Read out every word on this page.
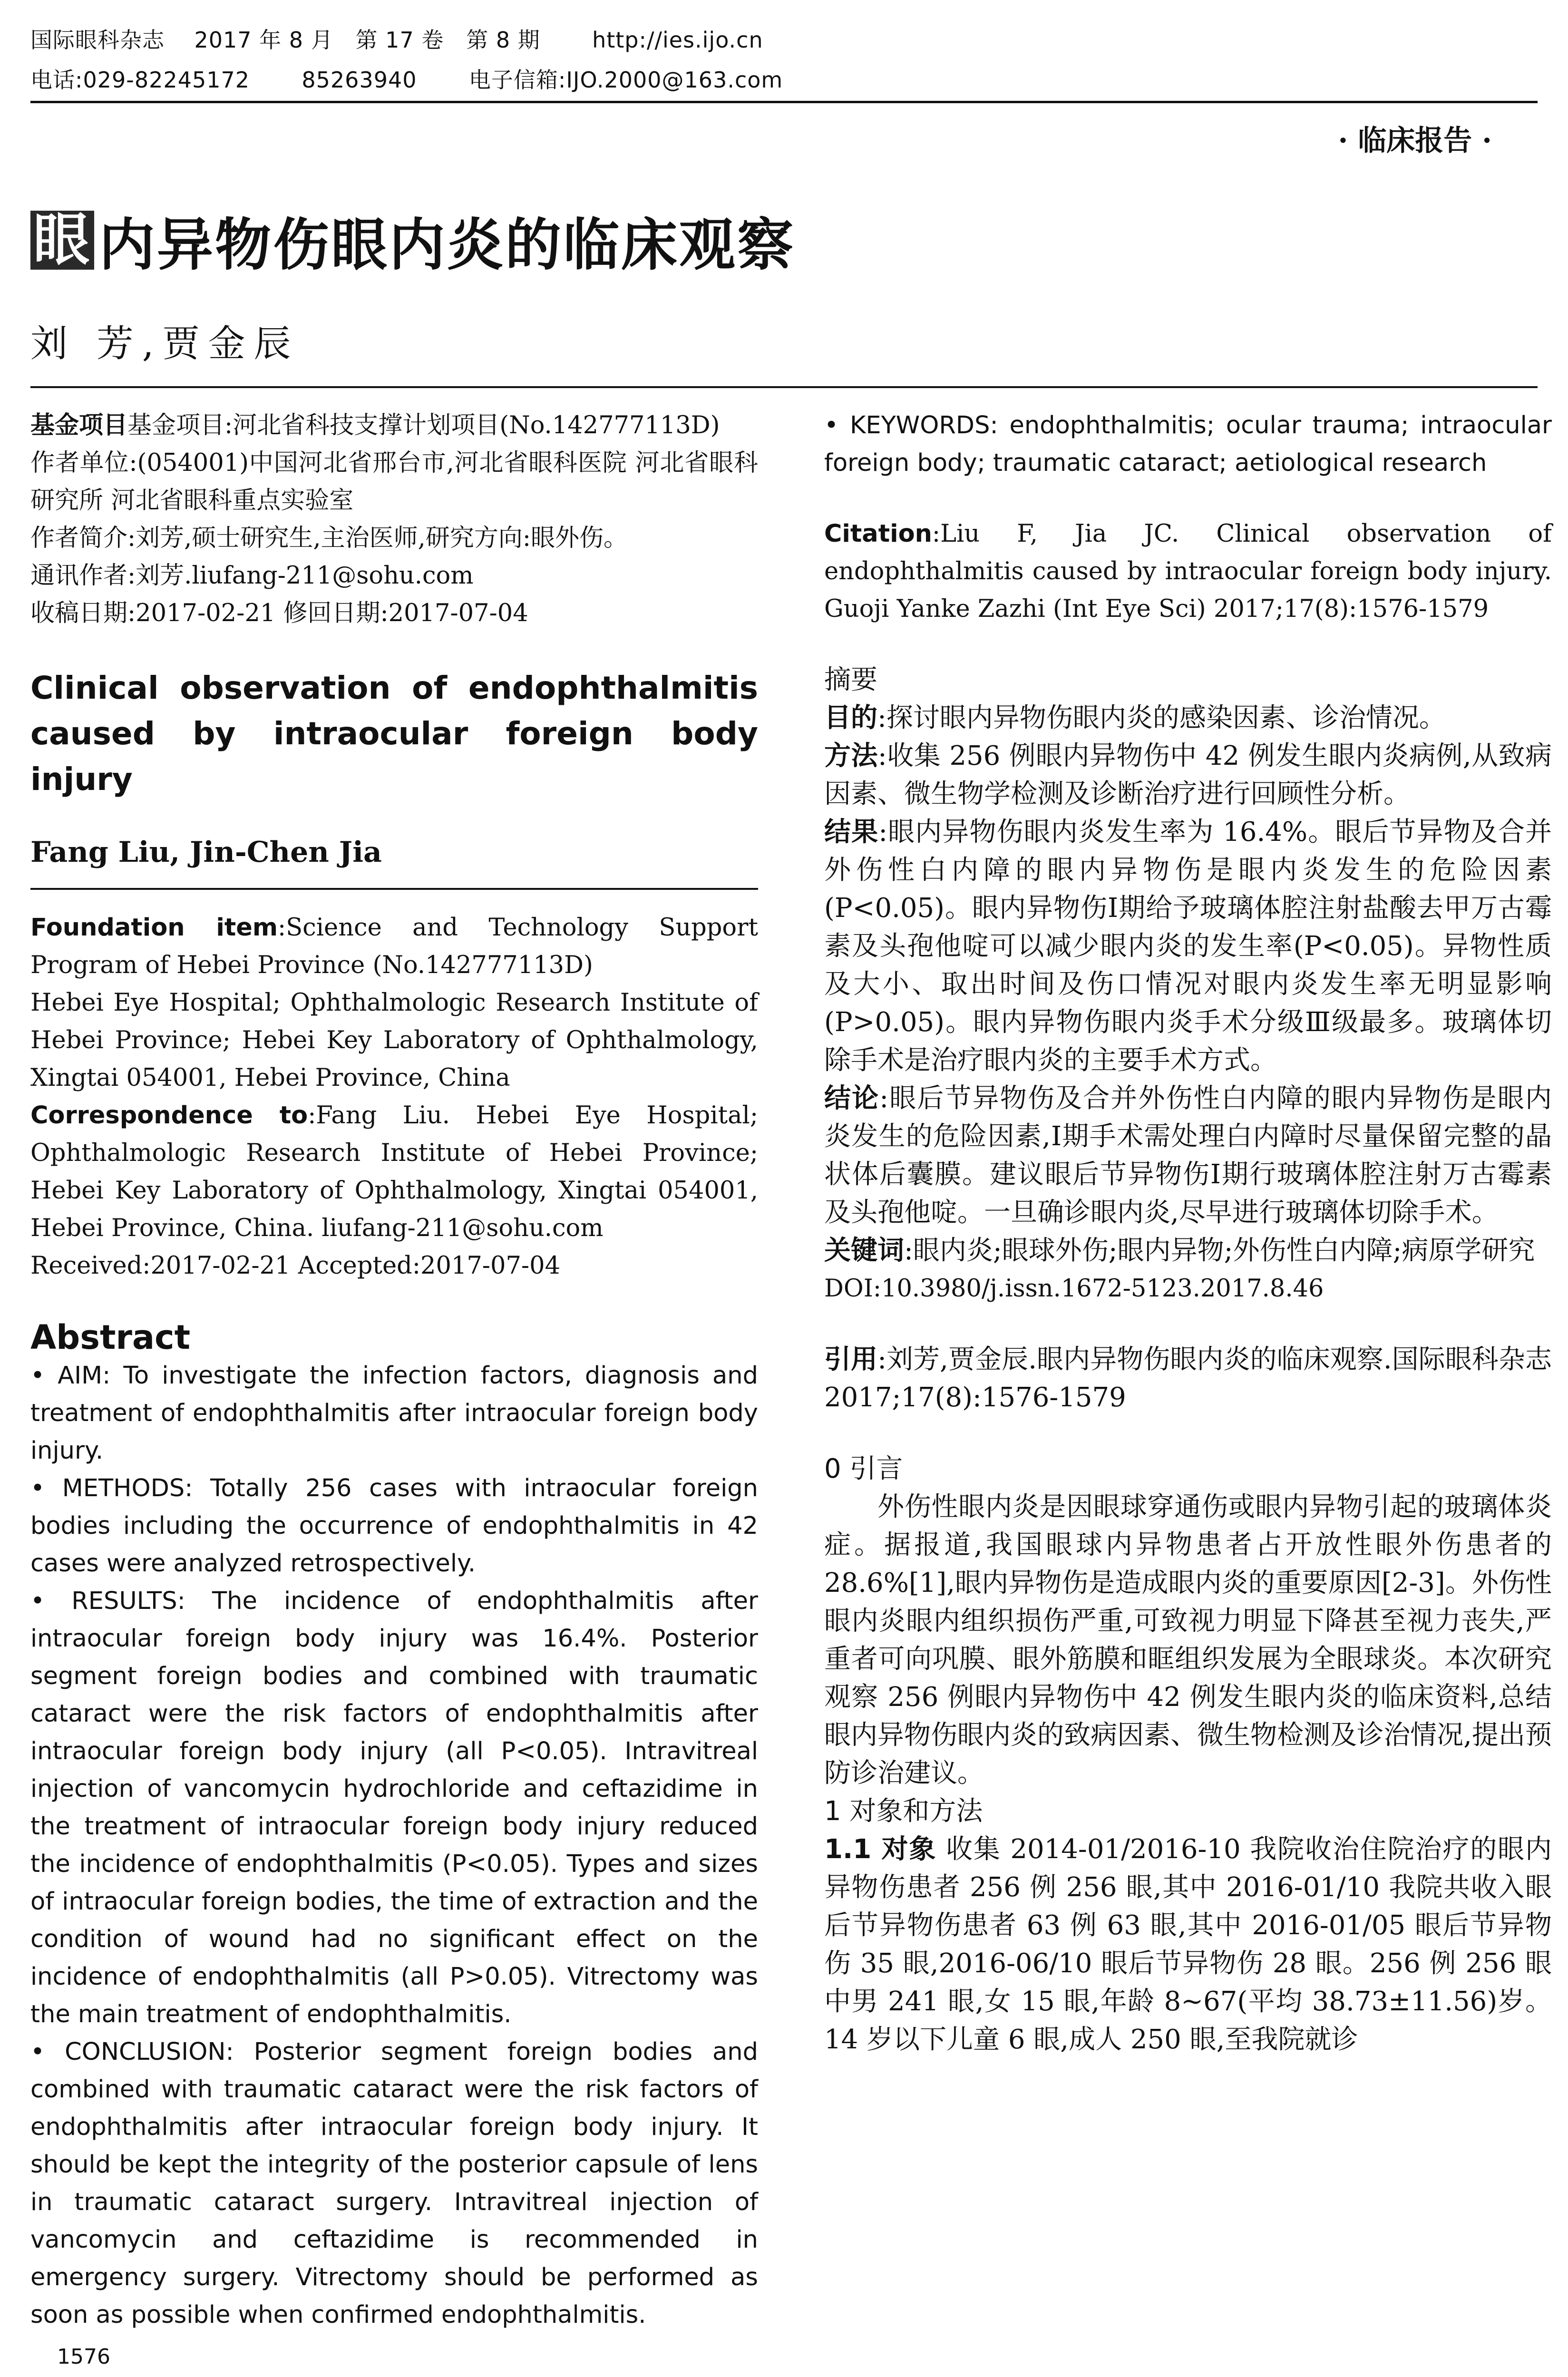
国际眼科杂志    2017 年 8 月   第 17 卷   第 8 期       http://ies.ijo.cn
电话:029-82245172       85263940       电子信箱:IJO.2000@163.com
· 临床报告 ·
眼 内异物伤眼内炎的临床观察
刘 芳,贾金辰
基金项目基金项目:河北省科技支撑计划项目(No.142777113D)
作者单位:(054001)中国河北省邢台市,河北省眼科医院 河北省眼科研究所 河北省眼科重点实验室
作者简介:刘芳,硕士研究生,主治医师,研究方向:眼外伤。
通讯作者:刘芳.liufang-211@sohu.com
收稿日期:2017-02-21 修回日期:2017-07-04
Clinical observation of endophthalmitis caused by intraocular foreign body injury
Fang Liu, Jin-Chen Jia
Foundation item:Science and Technology Support Program of Hebei Province (No.142777113D)
Hebei Eye Hospital; Ophthalmologic Research Institute of Hebei Province; Hebei Key Laboratory of Ophthalmology, Xingtai 054001, Hebei Province, China
Correspondence to:Fang Liu. Hebei Eye Hospital; Ophthalmologic Research Institute of Hebei Province; Hebei Key Laboratory of Ophthalmology, Xingtai 054001, Hebei Province, China. liufang-211@sohu.com
Received:2017-02-21 Accepted:2017-07-04
Abstract
• AIM: To investigate the infection factors, diagnosis and treatment of endophthalmitis after intraocular foreign body injury.
• METHODS: Totally 256 cases with intraocular foreign bodies including the occurrence of endophthalmitis in 42 cases were analyzed retrospectively.
• RESULTS: The incidence of endophthalmitis after intraocular foreign body injury was 16.4%. Posterior segment foreign bodies and combined with traumatic cataract were the risk factors of endophthalmitis after intraocular foreign body injury (all P<0.05). Intravitreal injection of vancomycin hydrochloride and ceftazidime in the treatment of intraocular foreign body injury reduced the incidence of endophthalmitis (P<0.05). Types and sizes of intraocular foreign bodies, the time of extraction and the condition of wound had no significant effect on the incidence of endophthalmitis (all P>0.05). Vitrectomy was the main treatment of endophthalmitis.
• CONCLUSION: Posterior segment foreign bodies and combined with traumatic cataract were the risk factors of endophthalmitis after intraocular foreign body injury. It should be kept the integrity of the posterior capsule of lens in traumatic cataract surgery. Intravitreal injection of vancomycin and ceftazidime is recommended in emergency surgery. Vitrectomy should be performed as soon as possible when confirmed endophthalmitis.
• KEYWORDS: endophthalmitis; ocular trauma; intraocular foreign body; traumatic cataract; aetiological research
Citation:Liu F, Jia JC. Clinical observation of endophthalmitis caused by intraocular foreign body injury. Guoji Yanke Zazhi (Int Eye Sci) 2017;17(8):1576-1579
摘要
目的:探讨眼内异物伤眼内炎的感染因素、诊治情况。
方法:收集 256 例眼内异物伤中 42 例发生眼内炎病例,从致病因素、微生物学检测及诊断治疗进行回顾性分析。
结果:眼内异物伤眼内炎发生率为 16.4%。眼后节异物及合并外伤性白内障的眼内异物伤是眼内炎发生的危险因素(P<0.05)。眼内异物伤Ⅰ期给予玻璃体腔注射盐酸去甲万古霉素及头孢他啶可以减少眼内炎的发生率(P<0.05)。异物性质及大小、取出时间及伤口情况对眼内炎发生率无明显影响(P>0.05)。眼内异物伤眼内炎手术分级Ⅲ级最多。玻璃体切除手术是治疗眼内炎的主要手术方式。
结论:眼后节异物伤及合并外伤性白内障的眼内异物伤是眼内炎发生的危险因素,Ⅰ期手术需处理白内障时尽量保留完整的晶状体后囊膜。建议眼后节异物伤Ⅰ期行玻璃体腔注射万古霉素及头孢他啶。一旦确诊眼内炎,尽早进行玻璃体切除手术。
关键词:眼内炎;眼球外伤;眼内异物;外伤性白内障;病原学研究
DOI:10.3980/j.issn.1672-5123.2017.8.46
引用:刘芳,贾金辰.眼内异物伤眼内炎的临床观察.国际眼科杂志 2017;17(8):1576-1579
0 引言
外伤性眼内炎是因眼球穿通伤或眼内异物引起的玻璃体炎症。据报道,我国眼球内异物患者占开放性眼外伤患者的 28.6%[1],眼内异物伤是造成眼内炎的重要原因[2-3]。外伤性眼内炎眼内组织损伤严重,可致视力明显下降甚至视力丧失,严重者可向巩膜、眼外筋膜和眶组织发展为全眼球炎。本次研究观察 256 例眼内异物伤中 42 例发生眼内炎的临床资料,总结眼内异物伤眼内炎的致病因素、微生物检测及诊治情况,提出预防诊治建议。
1 对象和方法
1.1 对象 收集 2014-01/2016-10 我院收治住院治疗的眼内异物伤患者 256 例 256 眼,其中 2016-01/10 我院共收入眼后节异物伤患者 63 例 63 眼,其中 2016-01/05 眼后节异物伤 35 眼,2016-06/10 眼后节异物伤 28 眼。256 例 256 眼中男 241 眼,女 15 眼,年龄 8~67(平均 38.73±11.56)岁。14 岁以下儿童 6 眼,成人 250 眼,至我院就诊
1576
